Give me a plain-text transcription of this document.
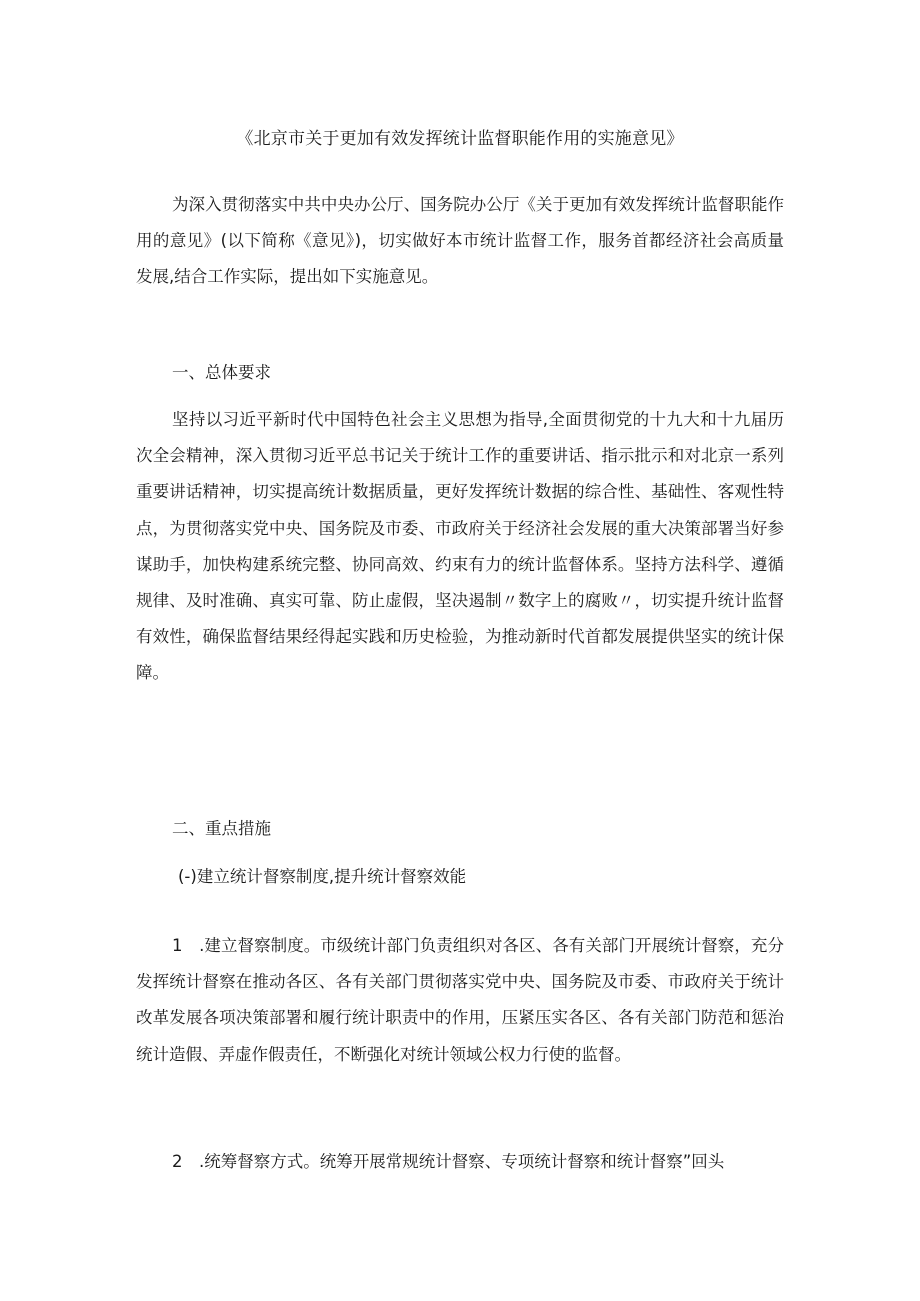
《北京市关于更加有效发挥统计监督职能作用的实施意见》

为深入贯彻落实中共中央办公厅、国务院办公厅《关于更加有效发挥统计监督职能作用的意见》(以下简称《意见》)，切实做好本市统计监督工作，服务首都经济社会高质量发展,结合工作实际，提出如下实施意见。

一、总体要求

坚持以习近平新时代中国特色社会主义思想为指导,全面贯彻党的十九大和十九届历次全会精神，深入贯彻习近平总书记关于统计工作的重要讲话、指示批示和对北京一系列重要讲话精神，切实提高统计数据质量，更好发挥统计数据的综合性、基础性、客观性特点，为贯彻落实党中央、国务院及市委、市政府关于经济社会发展的重大决策部署当好参谋助手，加快构建系统完整、协同高效、约束有力的统计监督体系。坚持方法科学、遵循规律、及时准确、真实可靠、防止虚假，坚决遏制〃数字上的腐败〃，切实提升统计监督有效性，确保监督结果经得起实践和历史检验，为推动新时代首都发展提供坚实的统计保障。

二、重点措施

(-)建立统计督察制度,提升统计督察效能

1　.建立督察制度。市级统计部门负责组织对各区、各有关部门开展统计督察，充分发挥统计督察在推动各区、各有关部门贯彻落实党中央、国务院及市委、市政府关于统计改革发展各项决策部署和履行统计职责中的作用，压紧压实各区、各有关部门防范和惩治统计造假、弄虚作假责任，不断强化对统计领域公权力行使的监督。

2　.统筹督察方式。统筹开展常规统计督察、专项统计督察和统计督察”回头
